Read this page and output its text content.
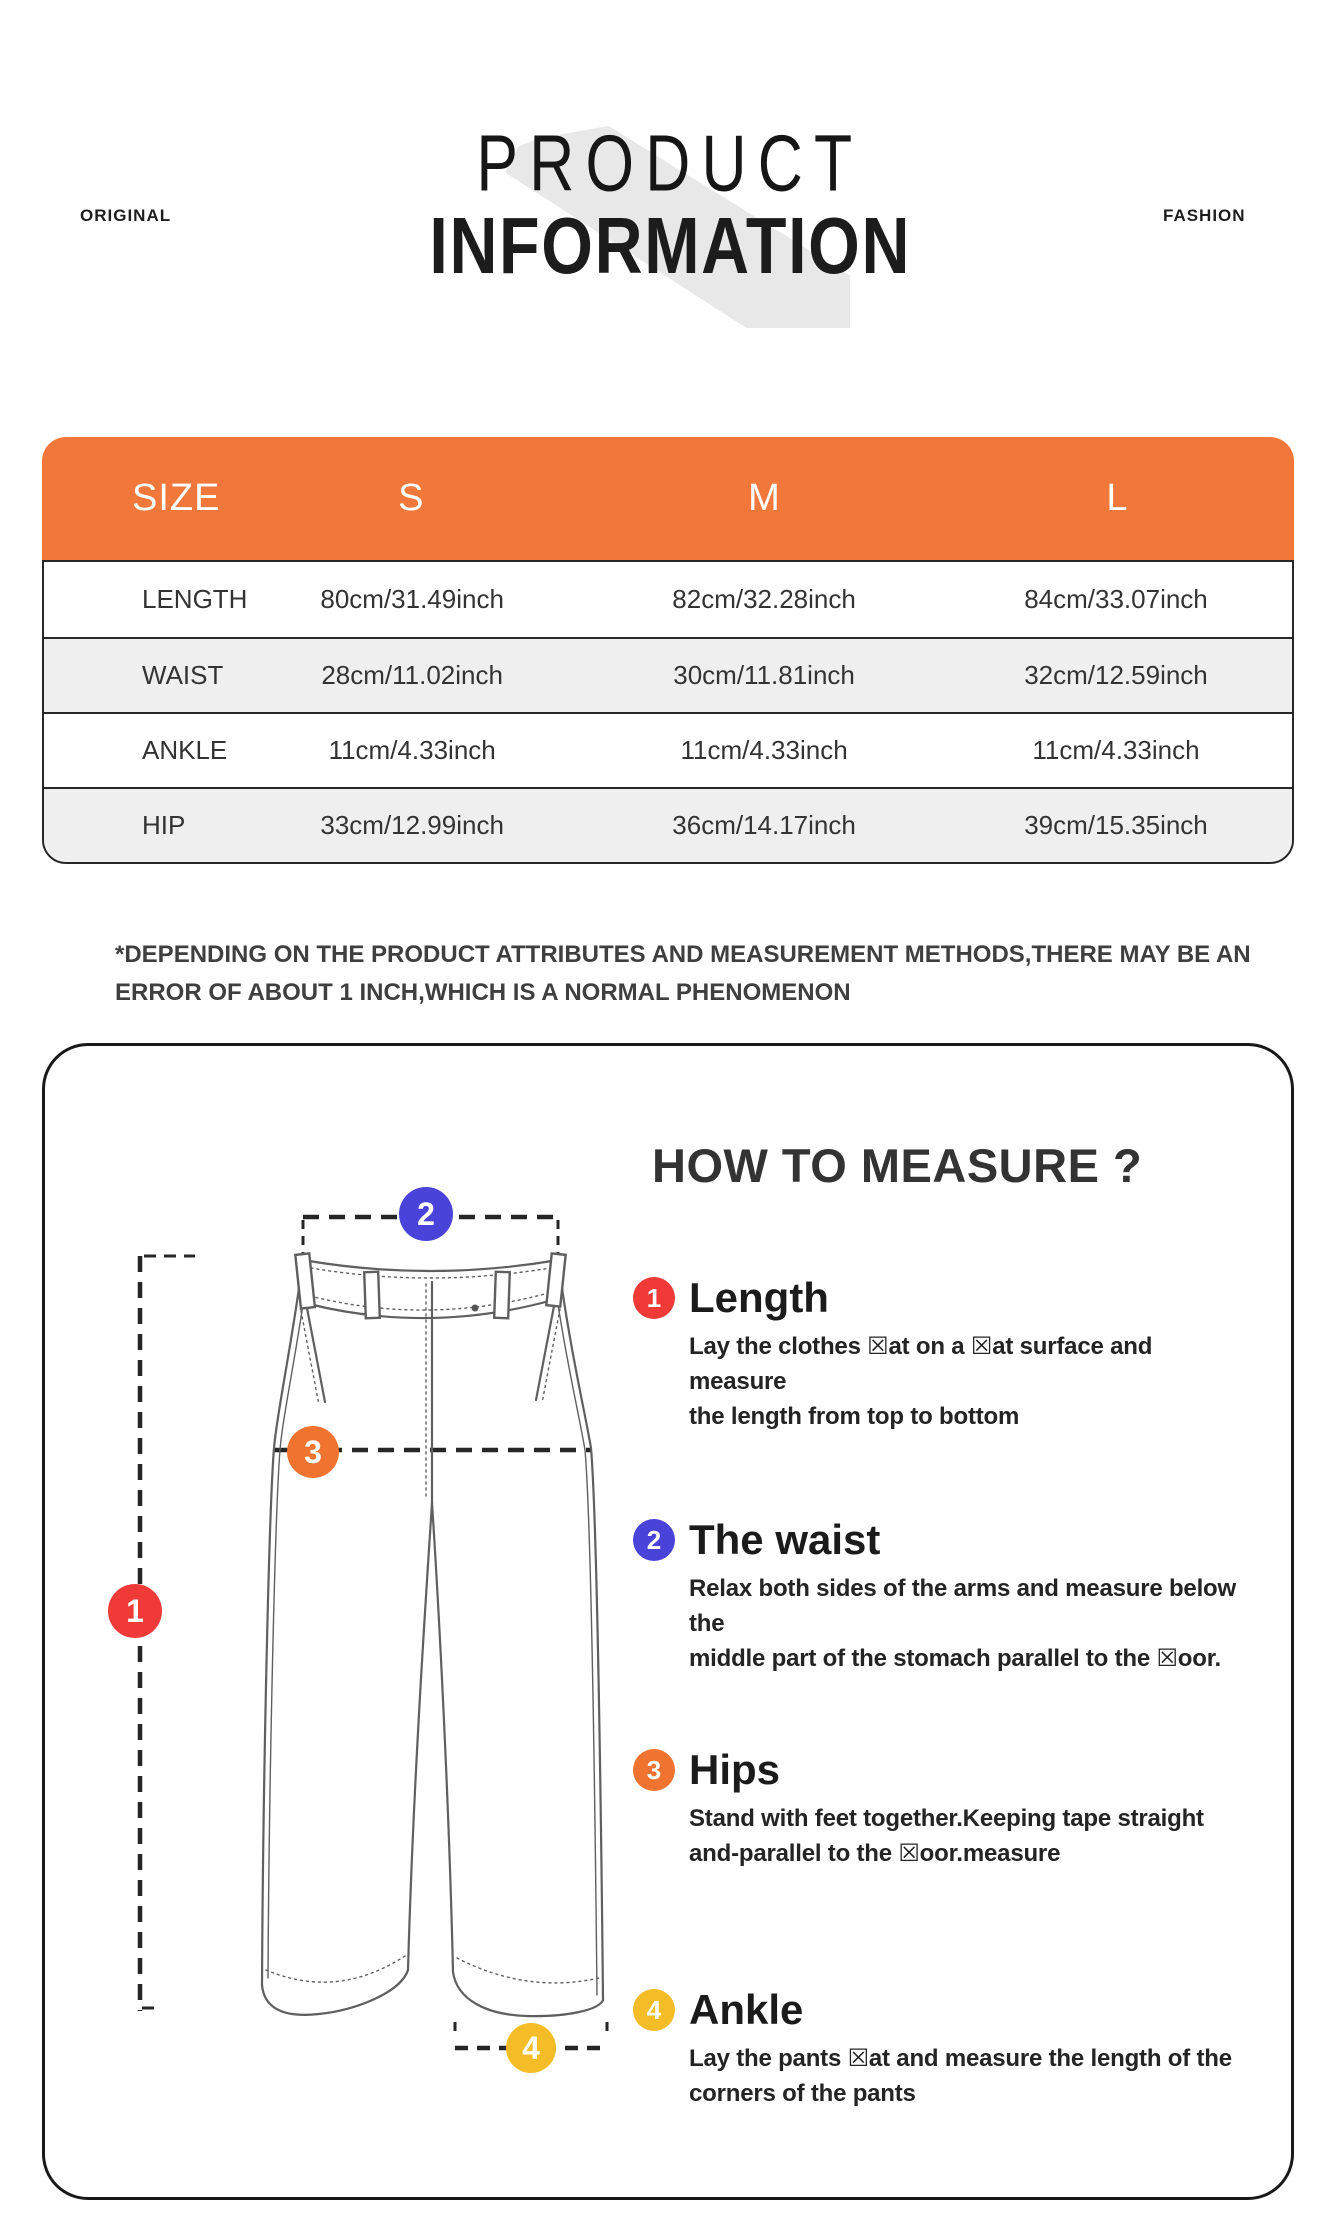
ORIGINAL	FASHION
PRODUCT
INFORMATION
SIZE	S	M	L
LENGTH	80cm/31.49inch	82cm/32.28inch	84cm/33.07inch
WAIST	28cm/11.02inch	30cm/11.81inch	32cm/12.59inch
ANKLE	11cm/4.33inch	11cm/4.33inch	11cm/4.33inch
HIP	33cm/12.99inch	36cm/14.17inch	39cm/15.35inch
*DEPENDING ON THE PRODUCT ATTRIBUTES AND MEASUREMENT METHODS,THERE MAY BE AN
ERROR OF ABOUT 1 INCH,WHICH IS A NORMAL PHENOMENON
HOW TO MEASURE ?
1 Length
Lay the clothes ☒at on a ☒at surface and measure
the length from top to bottom
2 The waist
Relax both sides of the arms and measure below the
middle part of the stomach parallel to the ☒oor.
3 Hips
Stand with feet together.Keeping tape straight
and-parallel to the ☒oor.measure
4 Ankle
Lay the pants ☒at and measure the length of the
corners of the pants
2
1
3
4
